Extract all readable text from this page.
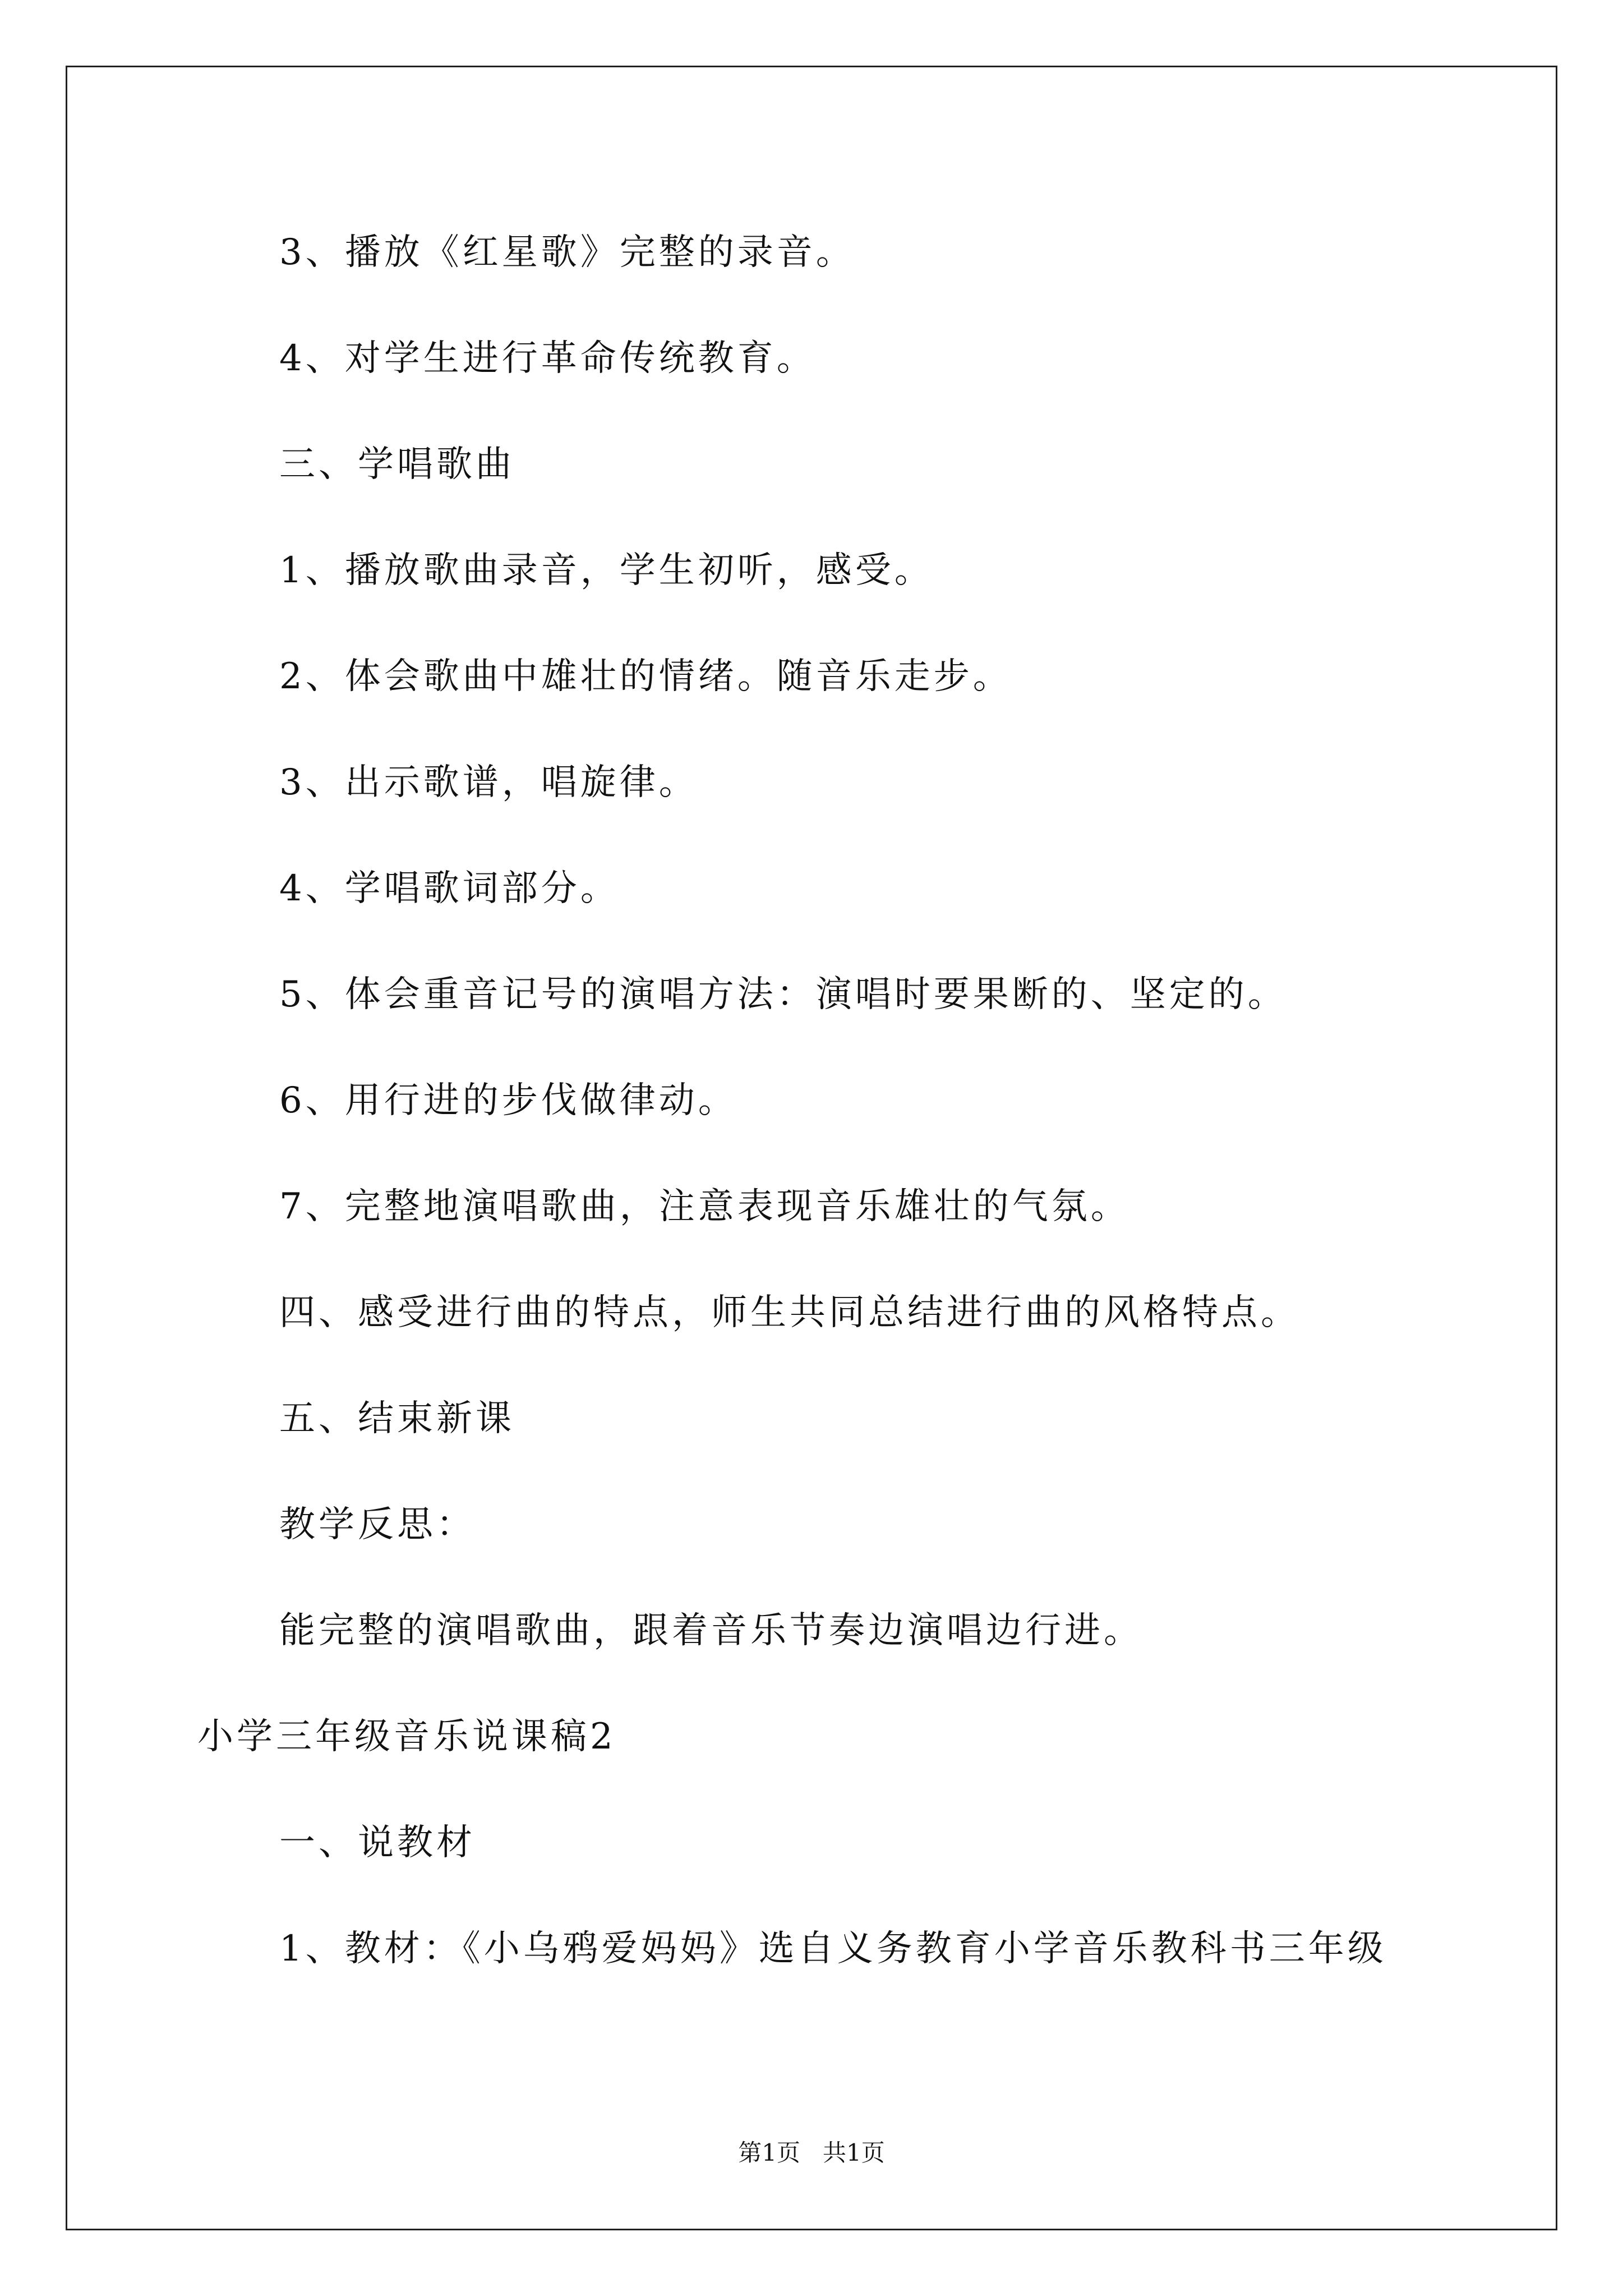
3、播放《红星歌》完整的录音。
4、对学生进行革命传统教育。
三、学唱歌曲
1、播放歌曲录音，学生初听，感受。
2、体会歌曲中雄壮的情绪。随音乐走步。
3、出示歌谱，唱旋律。
4、学唱歌词部分。
5、体会重音记号的演唱方法：演唱时要果断的、坚定的。
6、用行进的步伐做律动。
7、完整地演唱歌曲，注意表现音乐雄壮的气氛。
四、感受进行曲的特点，师生共同总结进行曲的风格特点。
五、结束新课
教学反思：
能完整的演唱歌曲，跟着音乐节奏边演唱边行进。
小学三年级音乐说课稿2
一、说教材
1、教材：《小乌鸦爱妈妈》选自义务教育小学音乐教科书三年级
第1页   共1页
